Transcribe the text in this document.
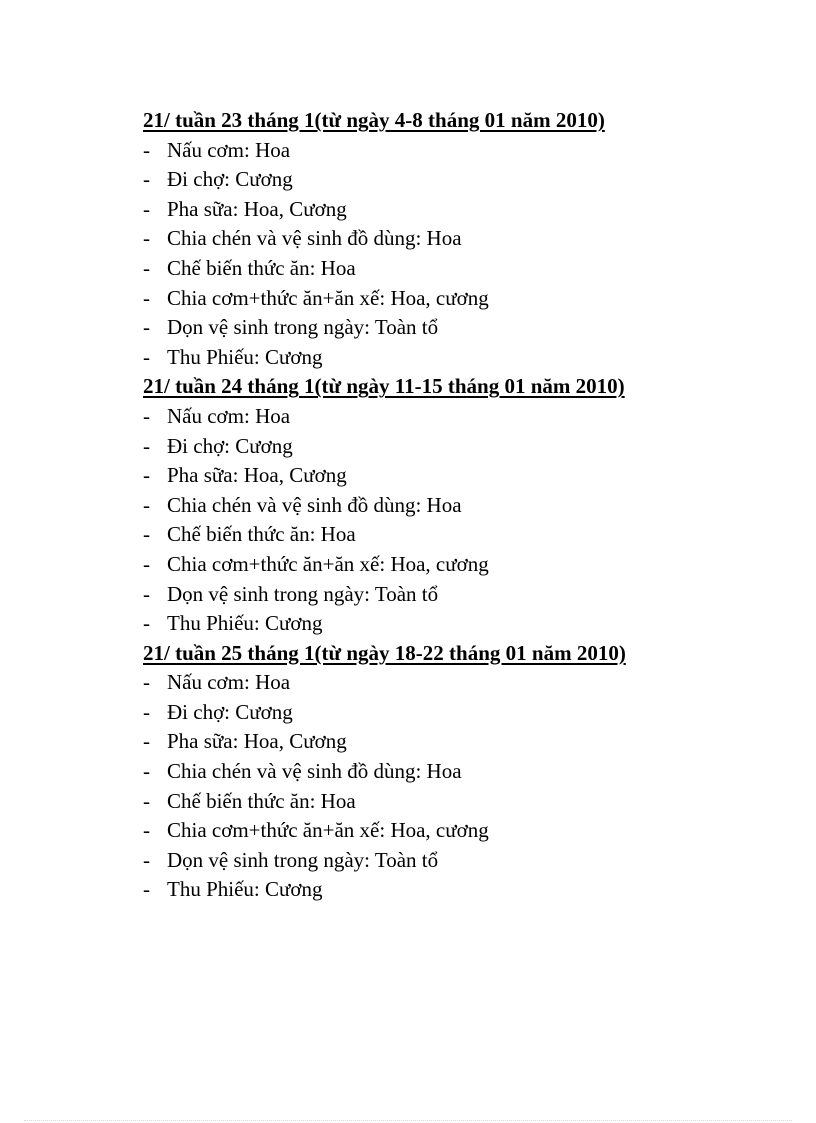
21/ tuần 23 tháng 1(từ ngày 4-8 tháng 01 năm 2010)
- Nấu cơm: Hoa
- Đi chợ: Cương
- Pha sữa: Hoa, Cương
- Chia chén và vệ sinh đồ dùng: Hoa
- Chế biến thức ăn: Hoa
- Chia cơm+thức ăn+ăn xế: Hoa, cương
- Dọn vệ sinh trong ngày: Toàn tổ
- Thu Phiếu: Cương
21/ tuần 24 tháng 1(từ ngày 11-15 tháng 01 năm 2010)
- Nấu cơm: Hoa
- Đi chợ: Cương
- Pha sữa: Hoa, Cương
- Chia chén và vệ sinh đồ dùng: Hoa
- Chế biến thức ăn: Hoa
- Chia cơm+thức ăn+ăn xế: Hoa, cương
- Dọn vệ sinh trong ngày: Toàn tổ
- Thu Phiếu: Cương
21/ tuần 25 tháng 1(từ ngày 18-22 tháng 01 năm 2010)
- Nấu cơm: Hoa
- Đi chợ: Cương
- Pha sữa: Hoa, Cương
- Chia chén và vệ sinh đồ dùng: Hoa
- Chế biến thức ăn: Hoa
- Chia cơm+thức ăn+ăn xế: Hoa, cương
- Dọn vệ sinh trong ngày: Toàn tổ
- Thu Phiếu: Cương
